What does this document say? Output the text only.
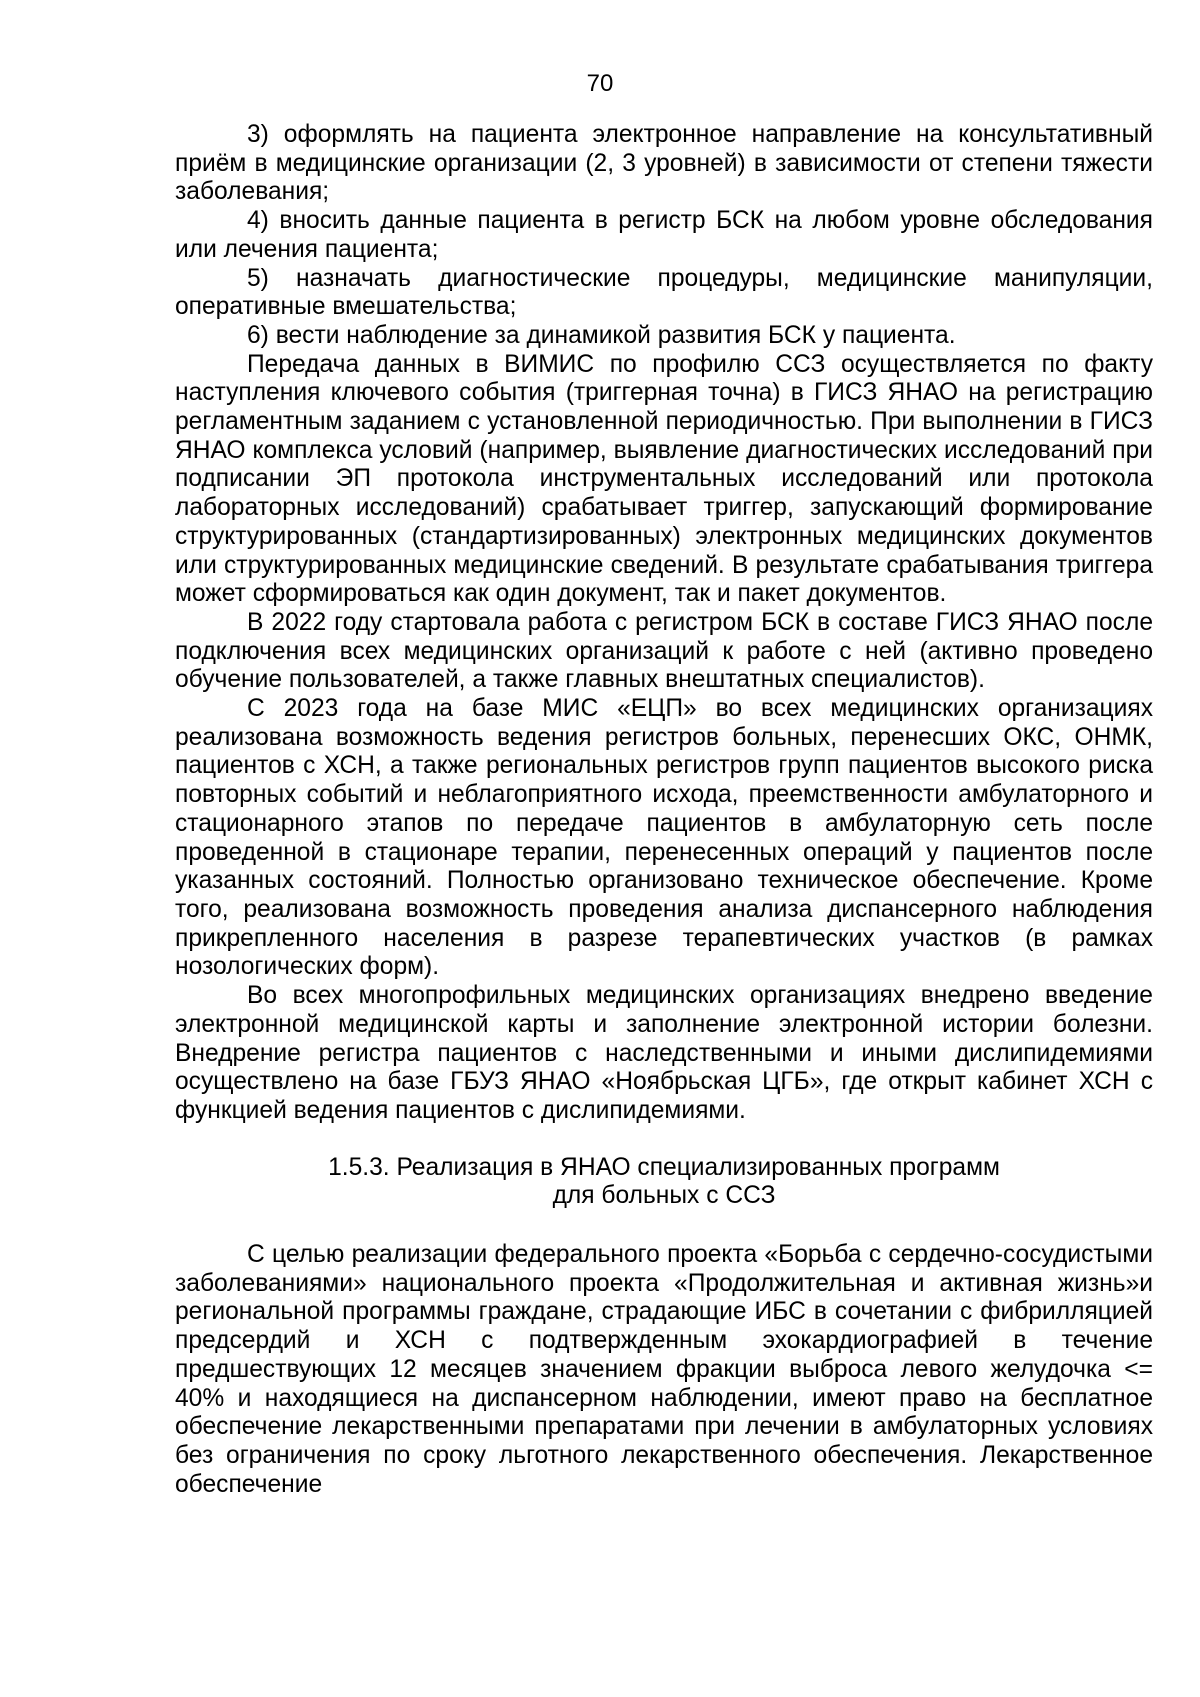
70

3) оформлять на пациента электронное направление на консультативный приём в медицинские организации (2, 3 уровней) в зависимости от степени тяжести заболевания;

4) вносить данные пациента в регистр БСК на любом уровне обследования или лечения пациента;

5) назначать диагностические процедуры, медицинские манипуляции, оперативные вмешательства;

6) вести наблюдение за динамикой развития БСК у пациента.

Передача данных в ВИМИС по профилю ССЗ осуществляется по факту наступления ключевого события (триггерная точна) в ГИСЗ ЯНАО на регистрацию регламентным заданием с установленной периодичностью. При выполнении в ГИСЗ ЯНАО комплекса условий (например, выявление диагностических исследований при подписании ЭП протокола инструментальных исследований или протокола лабораторных исследований) срабатывает триггер, запускающий формирование структурированных (стандартизированных) электронных медицинских документов или структурированных медицинские сведений. В результате срабатывания триггера может сформироваться как один документ, так и пакет документов.

В 2022 году стартовала работа с регистром БСК в составе ГИСЗ ЯНАО после подключения всех медицинских организаций к работе с ней (активно проведено обучение пользователей, а также главных внештатных специалистов).

С 2023 года на базе МИС «ЕЦП» во всех медицинских организациях реализована возможность ведения регистров больных, перенесших ОКС, ОНМК, пациентов с ХСН, а также региональных регистров групп пациентов высокого риска повторных событий и неблагоприятного исхода, преемственности амбулаторного и стационарного этапов по передаче пациентов в амбулаторную сеть после проведенной в стационаре терапии, перенесенных операций у пациентов после указанных состояний. Полностью организовано техническое обеспечение. Кроме того, реализована возможность проведения анализа диспансерного наблюдения прикрепленного населения в разрезе терапевтических участков (в рамках нозологических форм).

Во всех многопрофильных медицинских организациях внедрено введение электронной медицинской карты и заполнение электронной истории болезни. Внедрение регистра пациентов с наследственными и иными дислипидемиями осуществлено на базе ГБУЗ ЯНАО «Ноябрьская ЦГБ», где открыт кабинет ХСН с функцией ведения пациентов с дислипидемиями.

1.5.3. Реализация в ЯНАО специализированных программ
для больных с ССЗ

С целью реализации федерального проекта «Борьба с сердечно-сосудистыми заболеваниями» национального проекта «Продолжительная и активная жизнь»и региональной программы граждане, страдающие ИБС в сочетании с фибрилляцией предсердий и ХСН с подтвержденным эхокардиографией в течение предшествующих 12 месяцев значением фракции выброса левого желудочка <= 40% и находящиеся на диспансерном наблюдении, имеют право на бесплатное обеспечение лекарственными препаратами при лечении в амбулаторных условиях без ограничения по сроку льготного лекарственного обеспечения. Лекарственное обеспечение
